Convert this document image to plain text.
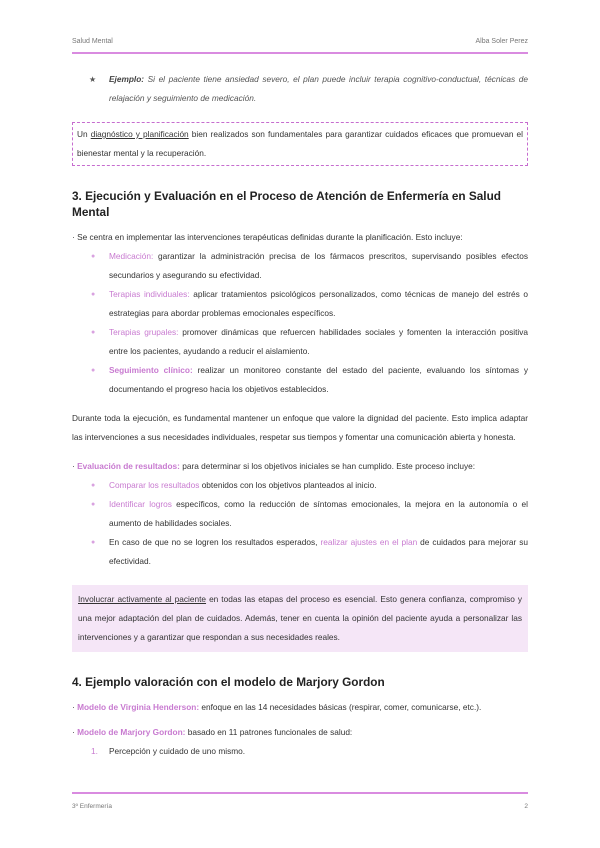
Salud Mental	Alba Soler Perez

★ Ejemplo: Si el paciente tiene ansiedad severo, el plan puede incluir terapia cognitivo-conductual, técnicas de relajación y seguimiento de medicación.

Un diagnóstico y planificación bien realizados son fundamentales para garantizar cuidados eficaces que promuevan el bienestar mental y la recuperación.
3. Ejecución y Evaluación en el Proceso de Atención de Enfermería en Salud Mental

· Se centra en implementar las intervenciones terapéuticas definidas durante la planificación. Esto incluye:

● Medicación: garantizar la administración precisa de los fármacos prescritos, supervisando posibles efectos secundarios y asegurando su efectividad.
● Terapias individuales: aplicar tratamientos psicológicos personalizados, como técnicas de manejo del estrés o estrategias para abordar problemas emocionales específicos.
● Terapias grupales: promover dinámicas que refuercen habilidades sociales y fomenten la interacción positiva entre los pacientes, ayudando a reducir el aislamiento.
● Seguimiento clínico: realizar un monitoreo constante del estado del paciente, evaluando los síntomas y documentando el progreso hacia los objetivos establecidos.

Durante toda la ejecución, es fundamental mantener un enfoque que valore la dignidad del paciente. Esto implica adaptar las intervenciones a sus necesidades individuales, respetar sus tiempos y fomentar una comunicación abierta y honesta.

· Evaluación de resultados: para determinar si los objetivos iniciales se han cumplido. Este proceso incluye:

● Comparar los resultados obtenidos con los objetivos planteados al inicio.
● Identificar logros específicos, como la reducción de síntomas emocionales, la mejora en la autonomía o el aumento de habilidades sociales.
● En caso de que no se logren los resultados esperados, realizar ajustes en el plan de cuidados para mejorar su efectividad.
Involucrar activamente al paciente en todas las etapas del proceso es esencial. Esto genera confianza, compromiso y una mejor adaptación del plan de cuidados. Además, tener en cuenta la opinión del paciente ayuda a personalizar las intervenciones y a garantizar que respondan a sus necesidades reales.
4. Ejemplo valoración con el modelo de Marjory Gordon

· Modelo de Virginia Henderson: enfoque en las 14 necesidades básicas (respirar, comer, comunicarse, etc.).

· Modelo de Marjory Gordon: basado en 11 patrones funcionales de salud:

1. Percepción y cuidado de uno mismo.
3º Enfermería	2
